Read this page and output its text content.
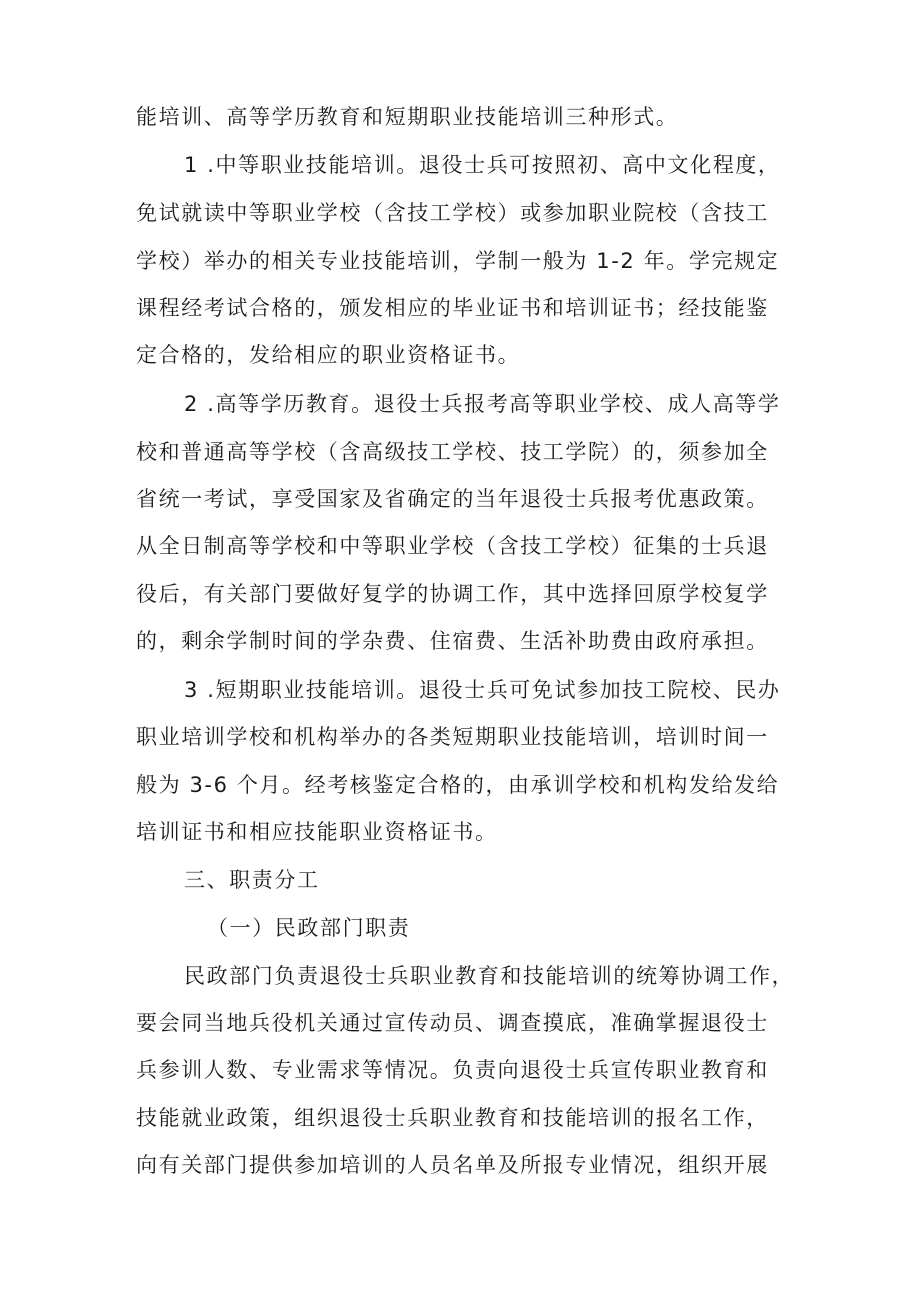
能培训、高等学历教育和短期职业技能培训三种形式。
1 .中等职业技能培训。退役士兵可按照初、高中文化程度，
免试就读中等职业学校（含技工学校）或参加职业院校（含技工
学校）举办的相关专业技能培训，学制一般为 1-2 年。学完规定
课程经考试合格的，颁发相应的毕业证书和培训证书；经技能鉴
定合格的，发给相应的职业资格证书。
2 .高等学历教育。退役士兵报考高等职业学校、成人高等学
校和普通高等学校（含高级技工学校、技工学院）的，须参加全
省统一考试，享受国家及省确定的当年退役士兵报考优惠政策。
从全日制高等学校和中等职业学校（含技工学校）征集的士兵退
役后，有关部门要做好复学的协调工作，其中选择回原学校复学
的，剩余学制时间的学杂费、住宿费、生活补助费由政府承担。
3 .短期职业技能培训。退役士兵可免试参加技工院校、民办
职业培训学校和机构举办的各类短期职业技能培训，培训时间一
般为 3-6 个月。经考核鉴定合格的，由承训学校和机构发给发给
培训证书和相应技能职业资格证书。
三、职责分工
（一）民政部门职责
民政部门负责退役士兵职业教育和技能培训的统筹协调工作，
要会同当地兵役机关通过宣传动员、调查摸底，准确掌握退役士
兵参训人数、专业需求等情况。负责向退役士兵宣传职业教育和
技能就业政策，组织退役士兵职业教育和技能培训的报名工作，
向有关部门提供参加培训的人员名单及所报专业情况，组织开展
